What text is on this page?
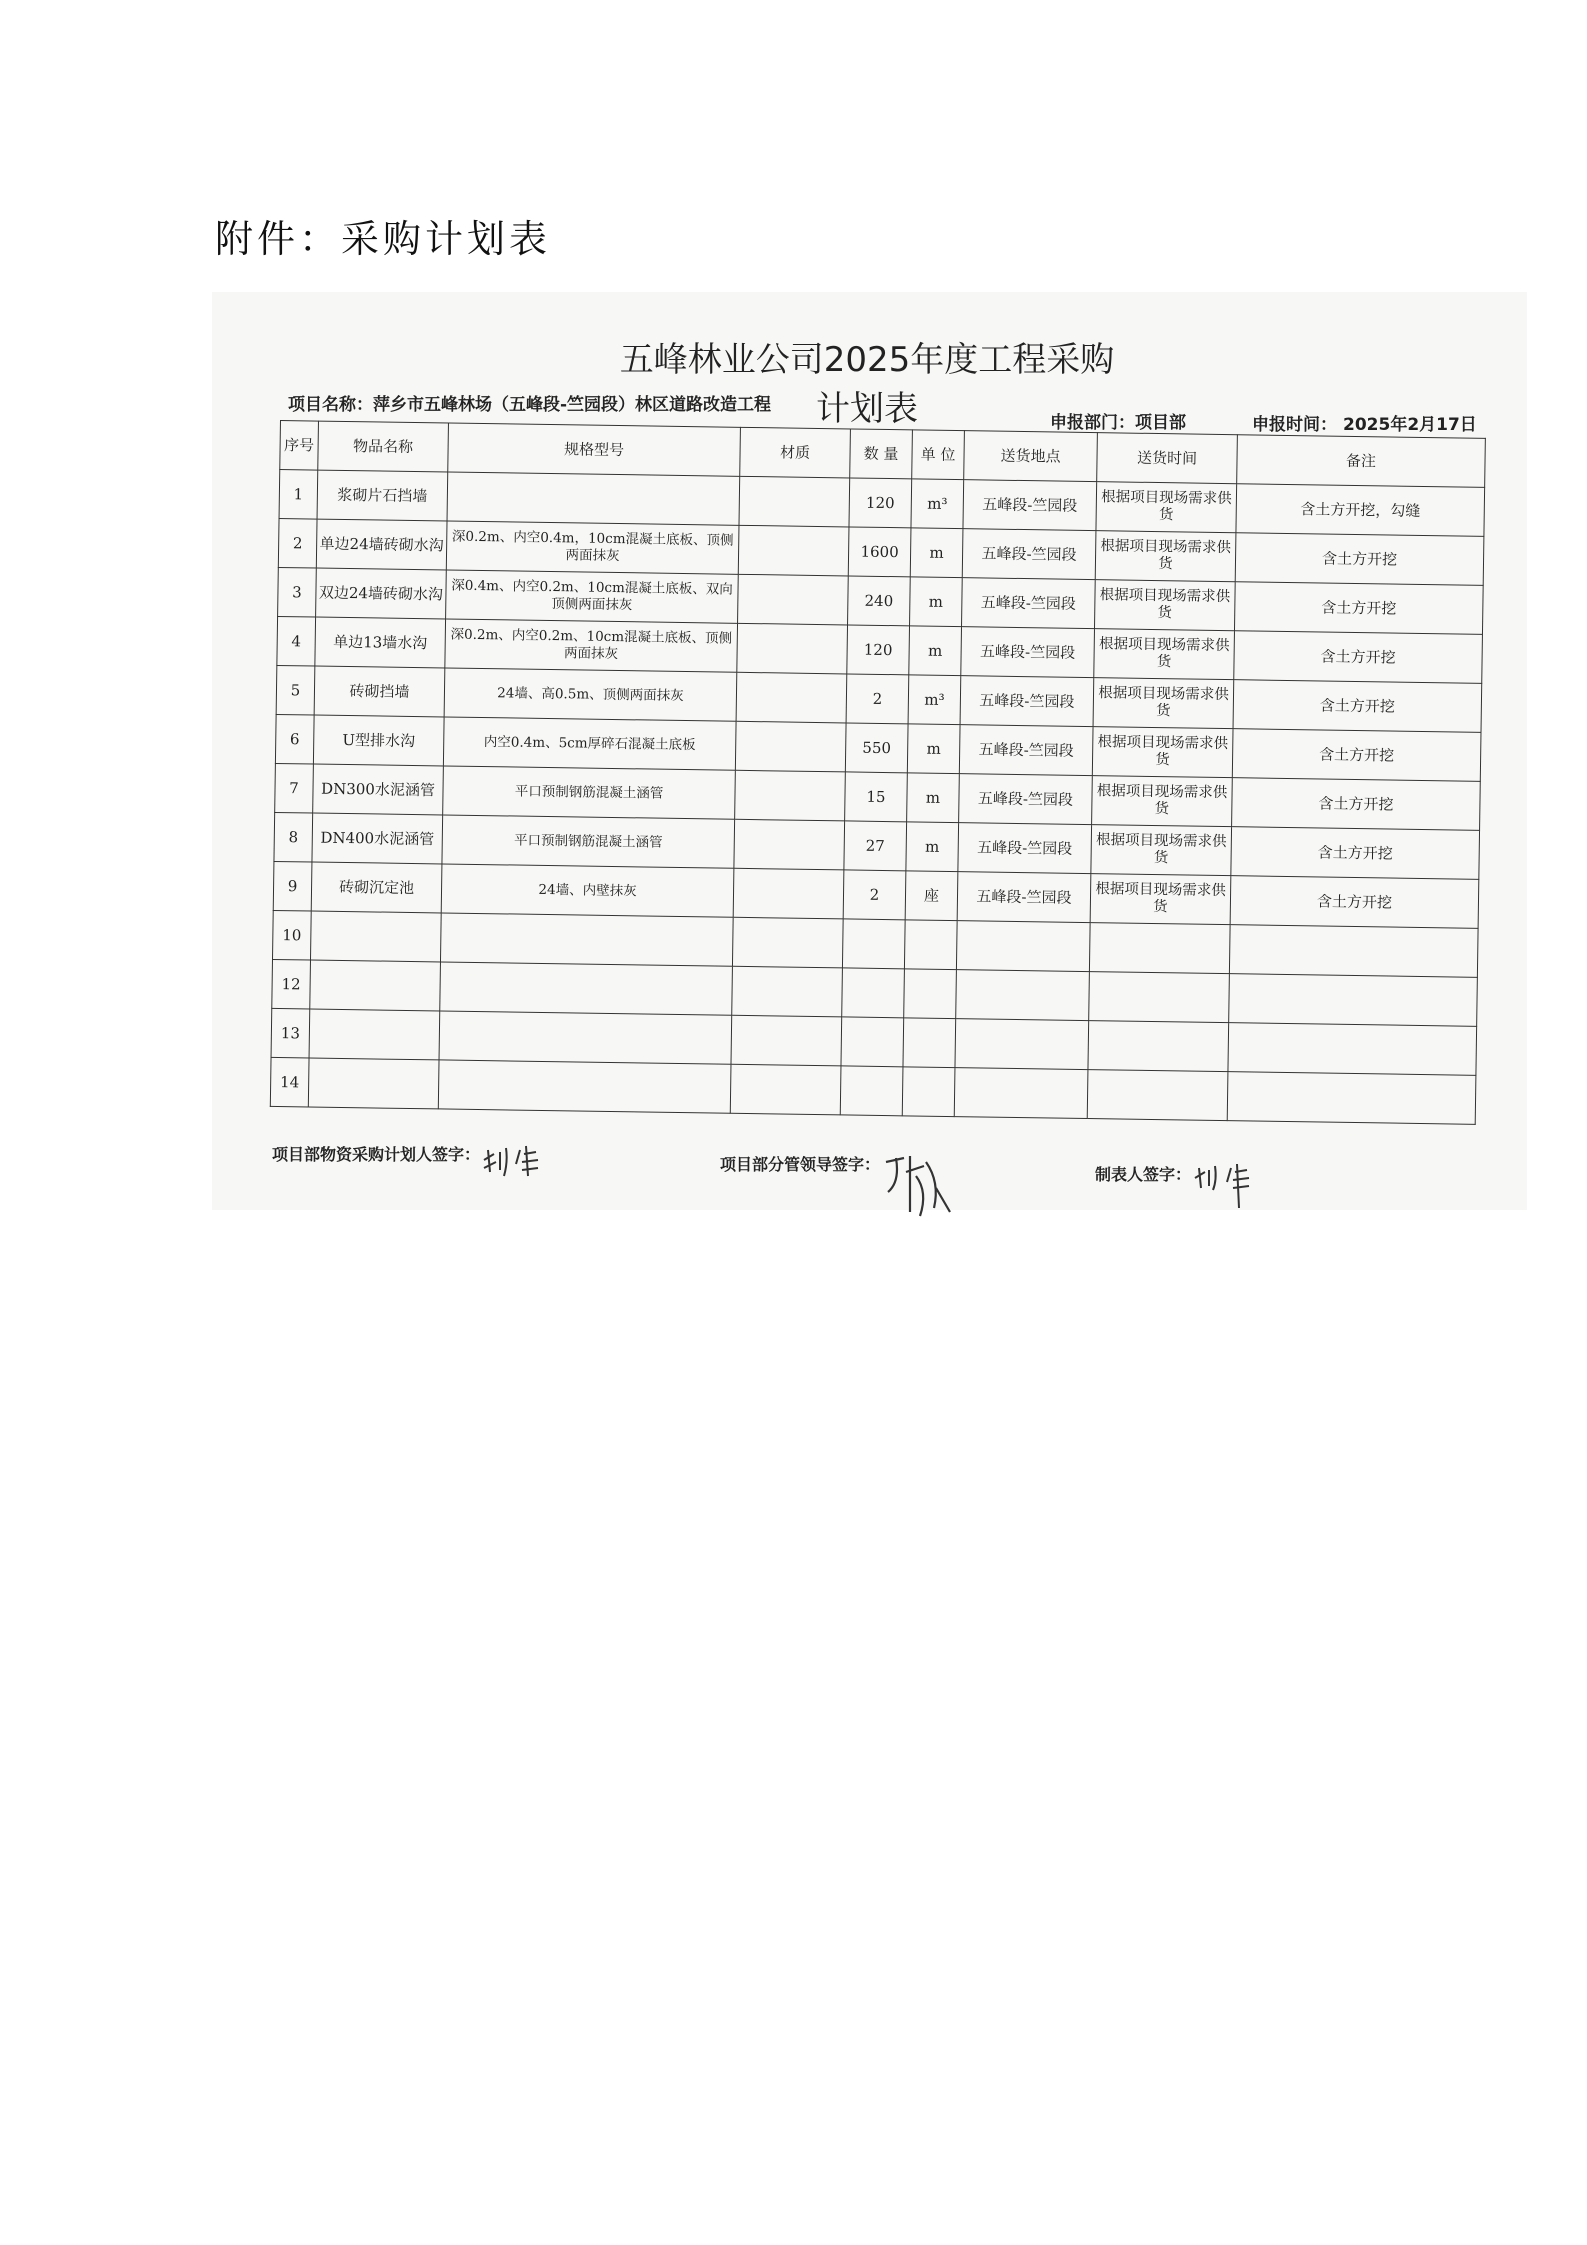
附件：采购计划表
五峰林业公司2025年度工程采购计划表
项目名称：萍乡市五峰林场（五峰段-竺园段）林区道路改造工程
申报部门：项目部	申报时间： 2025年2月17日
序号	物品名称	规格型号	材质	数 量	单 位	送货地点	送货时间	备注
1	浆砌片石挡墙			120	m³	五峰段-竺园段	根据项目现场需求供货	含土方开挖，勾缝
2	单边24墙砖砌水沟	深0.2m、内空0.4m，10cm混凝土底板、顶侧两面抹灰		1600	m	五峰段-竺园段	根据项目现场需求供货	含土方开挖
3	双边24墙砖砌水沟	深0.4m、内空0.2m、10cm混凝土底板、双向顶侧两面抹灰		240	m	五峰段-竺园段	根据项目现场需求供货	含土方开挖
4	单边13墙水沟	深0.2m、内空0.2m、10cm混凝土底板、顶侧两面抹灰		120	m	五峰段-竺园段	根据项目现场需求供货	含土方开挖
5	砖砌挡墙	24墙、高0.5m、顶侧两面抹灰		2	m³	五峰段-竺园段	根据项目现场需求供货	含土方开挖
6	U型排水沟	内空0.4m、5cm厚碎石混凝土底板		550	m	五峰段-竺园段	根据项目现场需求供货	含土方开挖
7	DN300水泥涵管	平口预制钢筋混凝土涵管		15	m	五峰段-竺园段	根据项目现场需求供货	含土方开挖
8	DN400水泥涵管	平口预制钢筋混凝土涵管		27	m	五峰段-竺园段	根据项目现场需求供货	含土方开挖
9	砖砌沉定池	24墙、内壁抹灰		2	座	五峰段-竺园段	根据项目现场需求供货	含土方开挖
10								
12								
13								
14								
项目部物资采购计划人签字：
项目部分管领导签字：
制表人签字：
